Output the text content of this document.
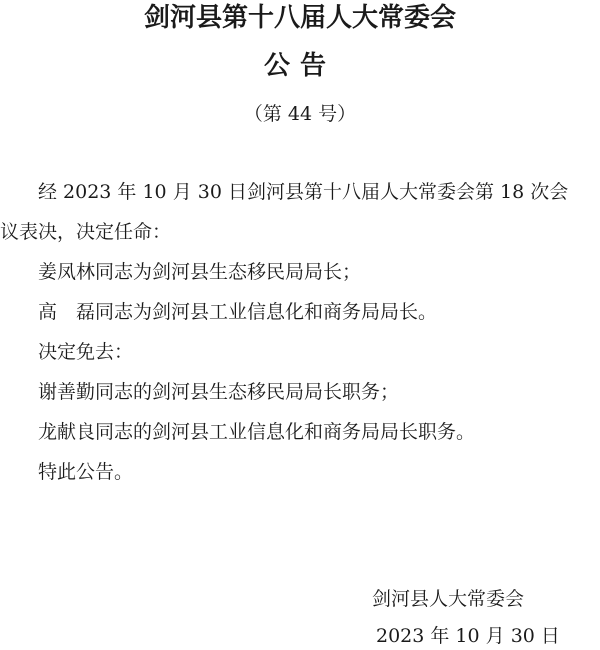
剑河县第十八届人大常委会
公告
（第 44 号）

经 2023 年 10 月 30 日剑河县第十八届人大常委会第 18 次会

议表决，决定任命：

姜凤林同志为剑河县生态移民局局长；

高　磊同志为剑河县工业信息化和商务局局长。

决定免去：

谢善勤同志的剑河县生态移民局局长职务；

龙献良同志的剑河县工业信息化和商务局局长职务。

特此公告。

剑河县人大常委会
2023 年 10 月 30 日
